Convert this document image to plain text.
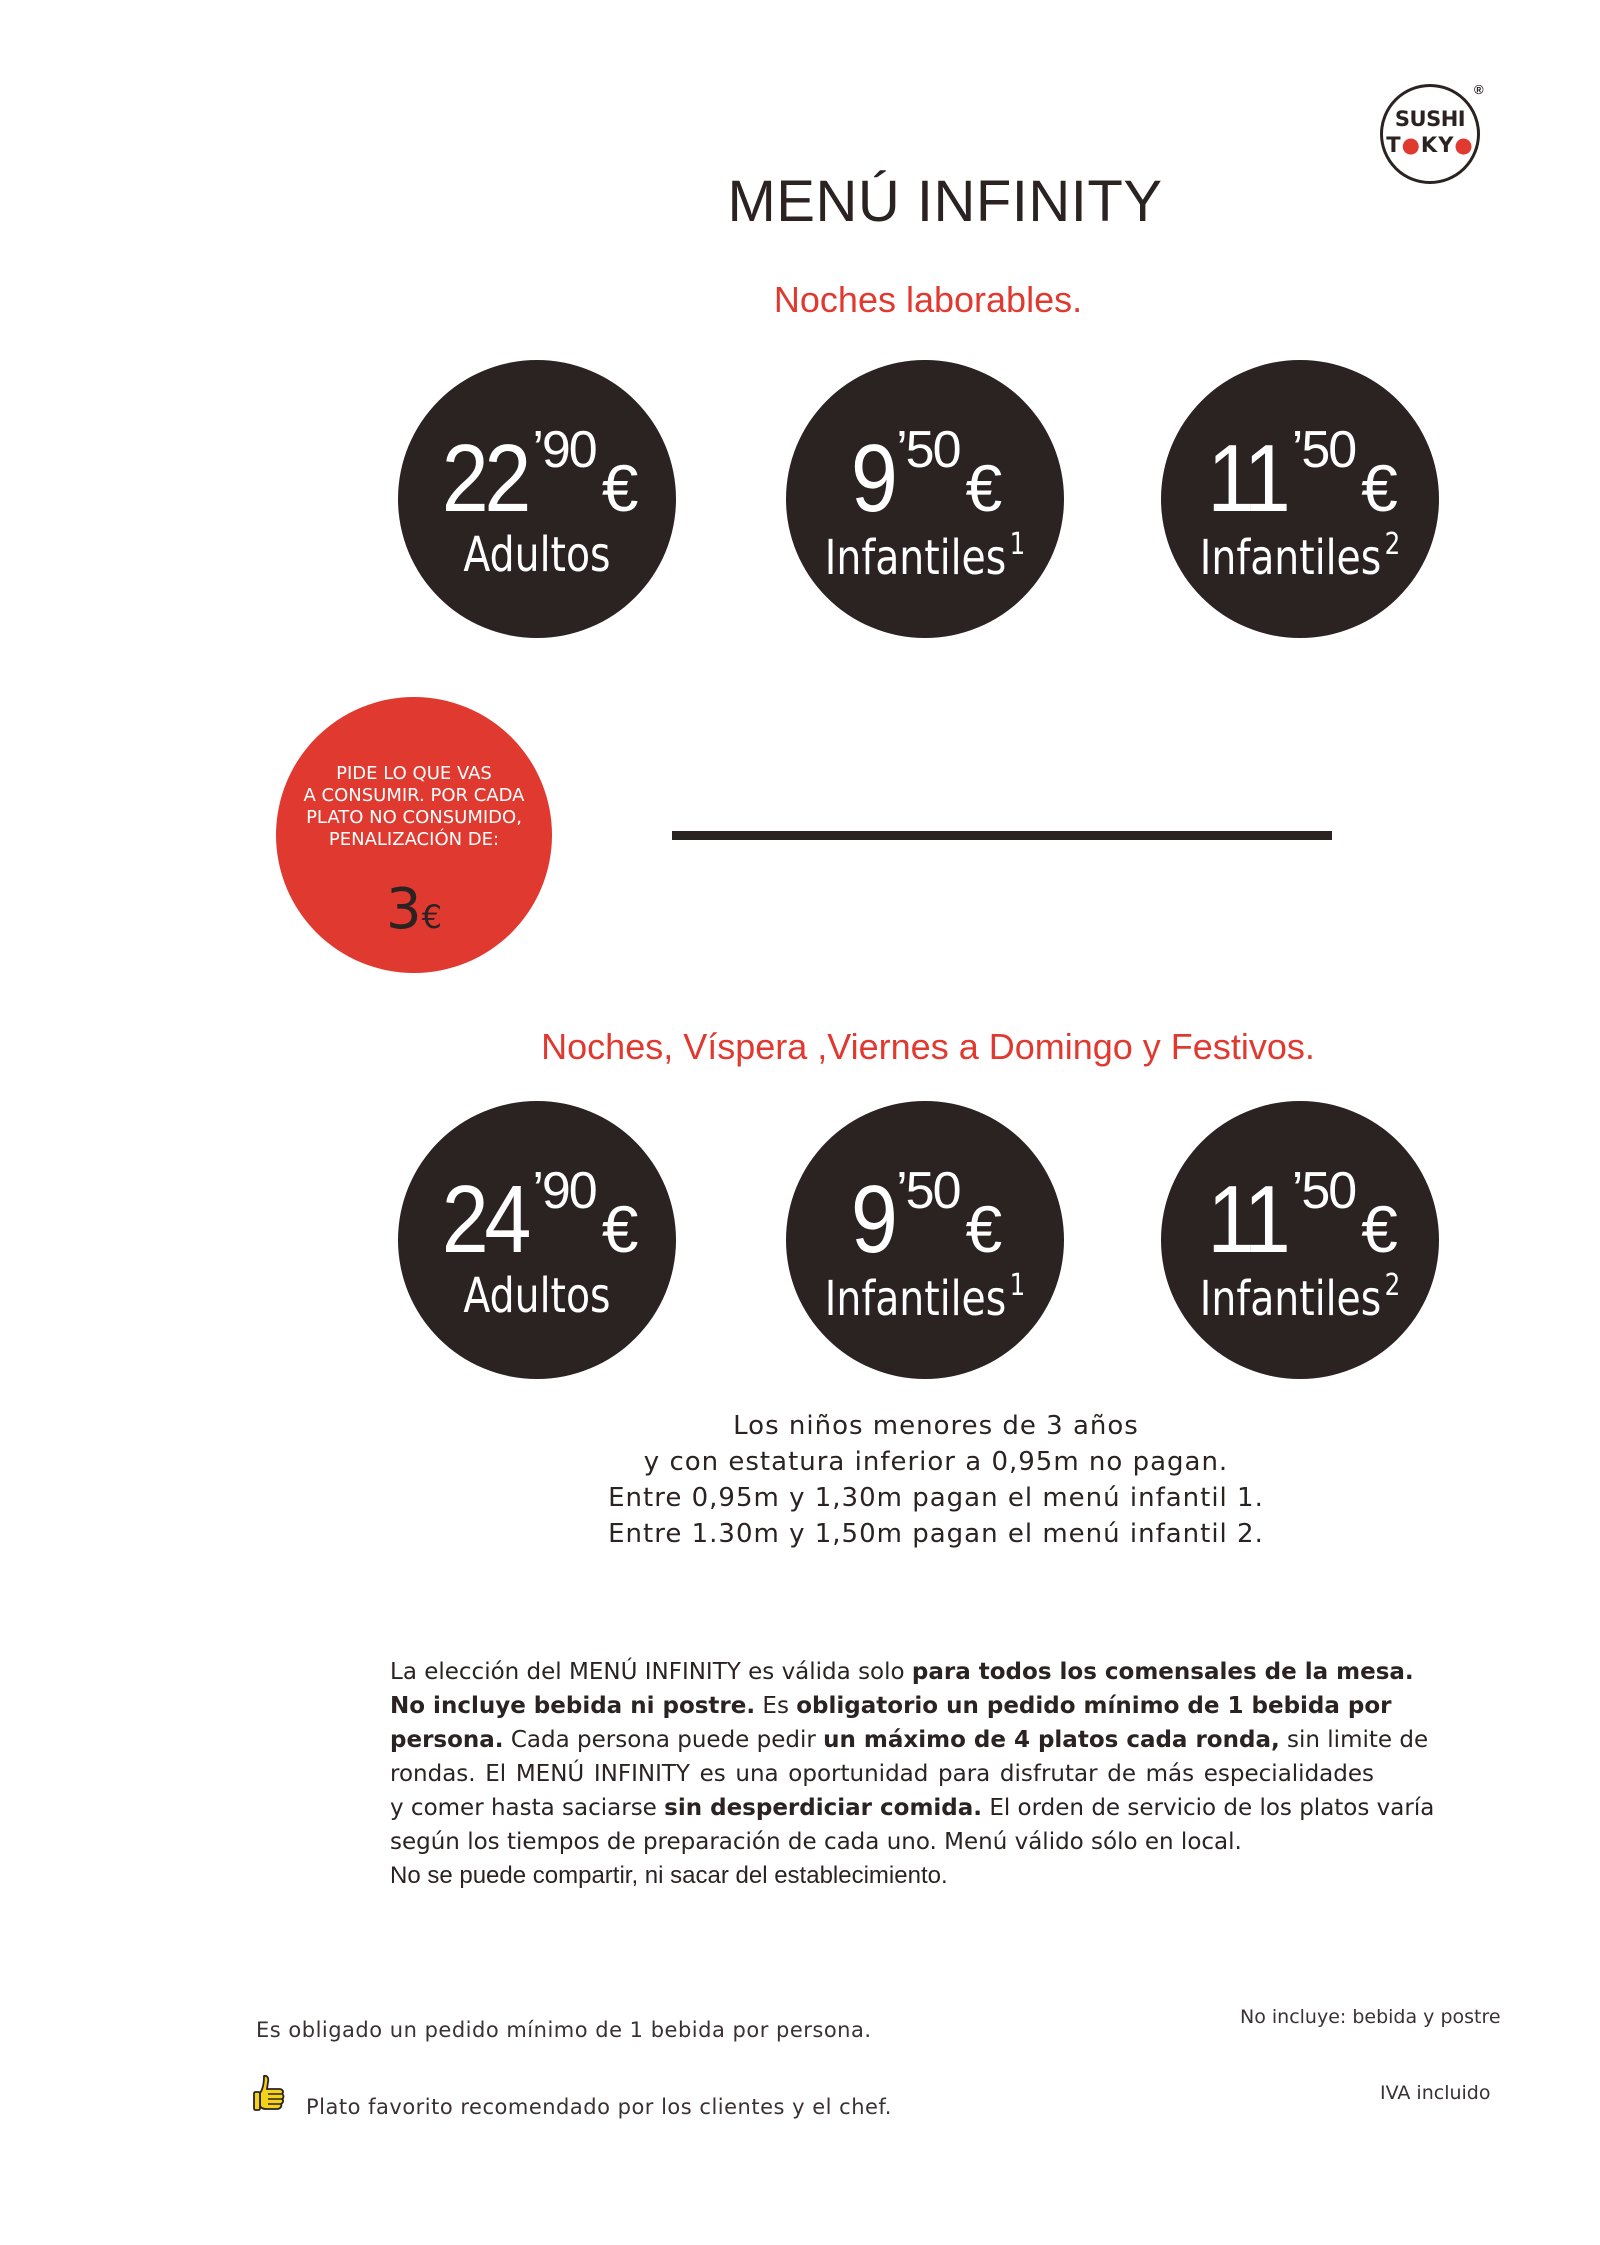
SUSHI
T●KY●
®
MENÚ INFINITY
Noches laborables.
22 ’90€
Adultos
9’50€
Infantiles $^1$
11 ’50€
Infantiles $^2$
PIDE LO QUE VAS
A CONSUMIR. POR CADA
PLATO NO CONSUMIDO,
PENALIZACIÓN DE:
3€
Noches, Víspera ,Viernes a Domingo y Festivos.
24 ’90€
Adultos
9’50€
Infantiles $^1$
11 ’50€
Infantiles $^2$
Los niños menores de 3 años
y con estatura inferior a 0,95m no pagan.
Entre 0,95m y 1,30m pagan el menú infantil 1.
Entre 1.30m y 1,50m pagan el menú infantil 2.
La elección del MENÚ INFINITY es válida solo para todos los comensales de la mesa.
No incluye bebida ni postre. Es obligatorio un pedido mínimo de 1 bebida por
persona. Cada persona puede pedir un máximo de 4 platos cada ronda, sin limite de
rondas. El MENÚ INFINITY es una oportunidad para disfrutar de más especialidades
y comer hasta saciarse sin desperdiciar comida. El orden de servicio de los platos varía
según los tiempos de preparación de cada uno. Menú válido sólo en local.
No se puede compartir, ni sacar del establecimiento.
Es obligado un pedido mínimo de 1 bebida por persona.
No incluye: bebida y postre
IVA incluido
Plato favorito recomendado por los clientes y el chef.
